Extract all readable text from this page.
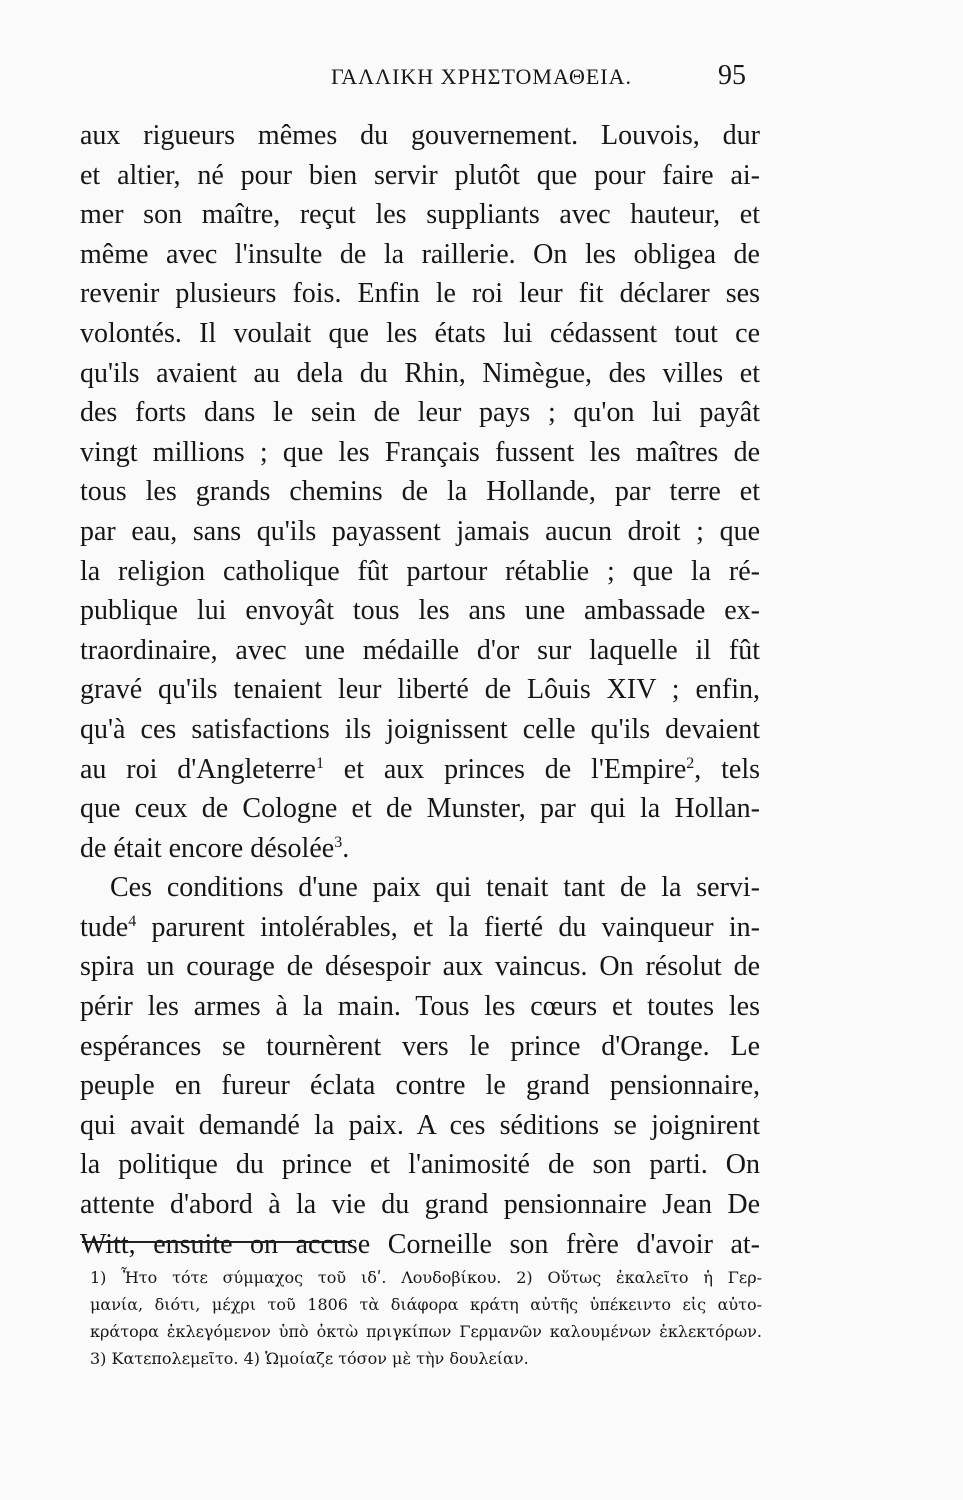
ΓΑΛΛΙΚΗ ΧΡΗΣΤΟΜΑΘΕΙΑ.	95
aux rigueurs mêmes du gouvernement. Louvois, dur
et altier, né pour bien servir plutôt que pour faire ai-
mer son maître, reçut les suppliants avec hauteur, et
même avec l'insulte de la raillerie. On les obligea de
revenir plusieurs fois. Enfin le roi leur fit déclarer ses
volontés. Il voulait que les états lui cédassent tout ce
qu'ils avaient au dela du Rhin, Nimègue, des villes et
des forts dans le sein de leur pays ; qu'on lui payât
vingt millions ; que les Français fussent les maîtres de
tous les grands chemins de la Hollande, par terre et
par eau, sans qu'ils payassent jamais aucun droit ; que
la religion catholique fût partour rétablie ; que la ré-
publique lui envoyât tous les ans une ambassade ex-
traordinaire, avec une médaille d'or sur laquelle il fût
gravé qu'ils tenaient leur liberté de Lôuis XIV ; enfin,
qu'à ces satisfactions ils joignissent celle qu'ils devaient
au roi d'Angleterre$^1$ et aux princes de l'Empire$^2$, tels
que ceux de Cologne et de Munster, par qui la Hollan-
de était encore désolée$^3$.
Ces conditions d'une paix qui tenait tant de la servi-
tude$^4$ parurent intolérables, et la fierté du vainqueur in-
spira un courage de désespoir aux vaincus. On résolut de
périr les armes à la main. Tous les cœurs et toutes les
espérances se tournèrent vers le prince d'Orange. Le
peuple en fureur éclata contre le grand pensionnaire,
qui avait demandé la paix. A ces séditions se joignirent
la politique du prince et l'animosité de son parti. On
attente d'abord à la vie du grand pensionnaire Jean De
Witt, ensuite on accuse Corneille son frère d'avoir at-
1) Ἦτο τότε σύμμαχος τοῦ ιδʹ. Λουδοβίκου. 2) Οὕτως ἐκαλεῖτο ἡ Γερ-
μανία, διότι, μέχρι τοῦ 1806 τὰ διάφορα κράτη αὐτῆς ὑπέκειντο εἰς αὐτο-
κράτορα ἐκλεγόμενον ὑπὸ ὀκτὼ πριγκίπων Γερμανῶν καλουμένων ἐκλεκτόρων.
3) Κατεπολεμεῖτο. 4) Ὡμοίαζε τόσον μὲ τὴν δουλείαν.
